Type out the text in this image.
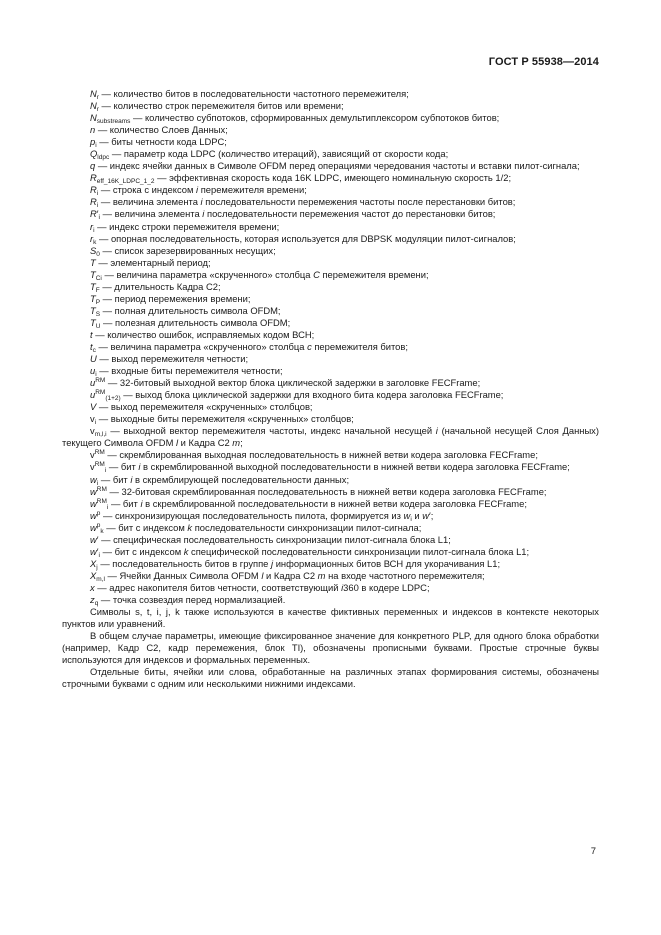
ГОСТ Р 55938—2014

$N_r$ — количество битов в последовательности частотного перемежителя;

$N_r$ — количество строк перемежителя битов или времени;

$N_{substreams}$ — количество субпотоков, сформированных демультиплексором субпотоков битов;

n — количество Слоев Данных;

$p_i$ — биты четности кода LDPC;

$Q_{ldpc}$ — параметр кода LDPC (количество итераций), зависящий от скорости кода;

q — индекс ячейки данных в Символе OFDM перед операциями чередования частоты и вставки пилот-сигнала;

$R_{eff\_16K\_LDPC\_1\_2}$ — эффективная скорость кода 16K LDPC, имеющего номинальную скорость 1/2;

$R_i$ — строка с индексом i перемежителя времени;

$R_i$ — величина элемента i последовательности перемежения частоты после перестановки битов;

$R'_i$ — величина элемента i последовательности перемежения частот до перестановки битов;

$r_i$ — индекс строки перемежителя времени;

$r_k$ — опорная последовательность, которая используется для DBPSK модуляции пилот-сигналов;

$S_0$ — список зарезервированных несущих;

T — элементарный период;

$T_{Ci}$ — величина параметра «скрученного» столбца C перемежителя времени;

$T_F$ — длительность Кадра С2;

$T_P$ — период перемежения времени;

$T_S$ — полная длительность символа OFDM;

$T_U$ — полезная длительность символа OFDM;

t — количество ошибок, исправляемых кодом ВСН;

$t_c$ — величина параметра «скрученного» столбца c перемежителя битов;

U — выход перемежителя четности;

$u_i$ — входные биты перемежителя четности;

$u^{RM}$ — 32-битовый выходной вектор блока циклической задержки в заголовке FECFrame;

$u^{RM}_{(1+2)}$ — выход блока циклической задержки для входного бита кодера заголовка FECFrame;

V — выход перемежителя «скрученных» столбцов;

$v_i$ — выходные биты перемежителя «скрученных» столбцов;

$v_{m,l,i}$ — выходной вектор перемежителя частоты, индекс начальной несущей i (начальной несущей Слоя Данных) текущего Символа OFDM l и Кадра С2 m;

$v^{RM}$ — скремблированная выходная последовательность в нижней ветви кодера заголовка FECFrame;

$v^{RM}_i$ — бит i в скремблированной выходной последовательности в нижней ветви кодера заголовка FECFrame;

$w_i$ — бит i в скремблирующей последовательности данных;

$w^{RM}$ — 32-битовая скремблированная последовательность в нижней ветви кодера заголовка FECFrame;

$w^{RM}_i$ — бит i в скремблированной последовательности в нижней ветви кодера заголовка FECFrame;

$w^p$ — синхронизирующая последовательность пилота, формируется из $w_i$ и w′;

$w^p_k$ — бит с индексом k последовательности синхронизации пилот-сигнала;

w′ — специфическая последовательность синхронизации пилот-сигнала блока L1;

$w'_i$ — бит с индексом k специфической последовательности синхронизации пилот-сигнала блока L1;

$X_j$ — последовательность битов в группе j информационных битов ВСН для укорачивания L1;

$X_{m,l}$ — Ячейки Данных Символа OFDM l и Кадра С2 m на входе частотного перемежителя;

x — адрес накопителя битов четности, соответствующий i360 в кодере LDPC;

$z_q$ — точка созвездия перед нормализацией.

Символы s, t, i, j, k также используются в качестве фиктивных переменных и индексов в контексте некоторых пунктов или уравнений.

В общем случае параметры, имеющие фиксированное значение для конкретного PLP, для одного блока обработки (например, Кадр С2, кадр перемежения, блок TI), обозначены прописными буквами. Простые строчные буквы используются для индексов и формальных переменных.

Отдельные биты, ячейки или слова, обработанные на различных этапах формирования системы, обозначены строчными буквами с одним или несколькими нижними индексами.

7
